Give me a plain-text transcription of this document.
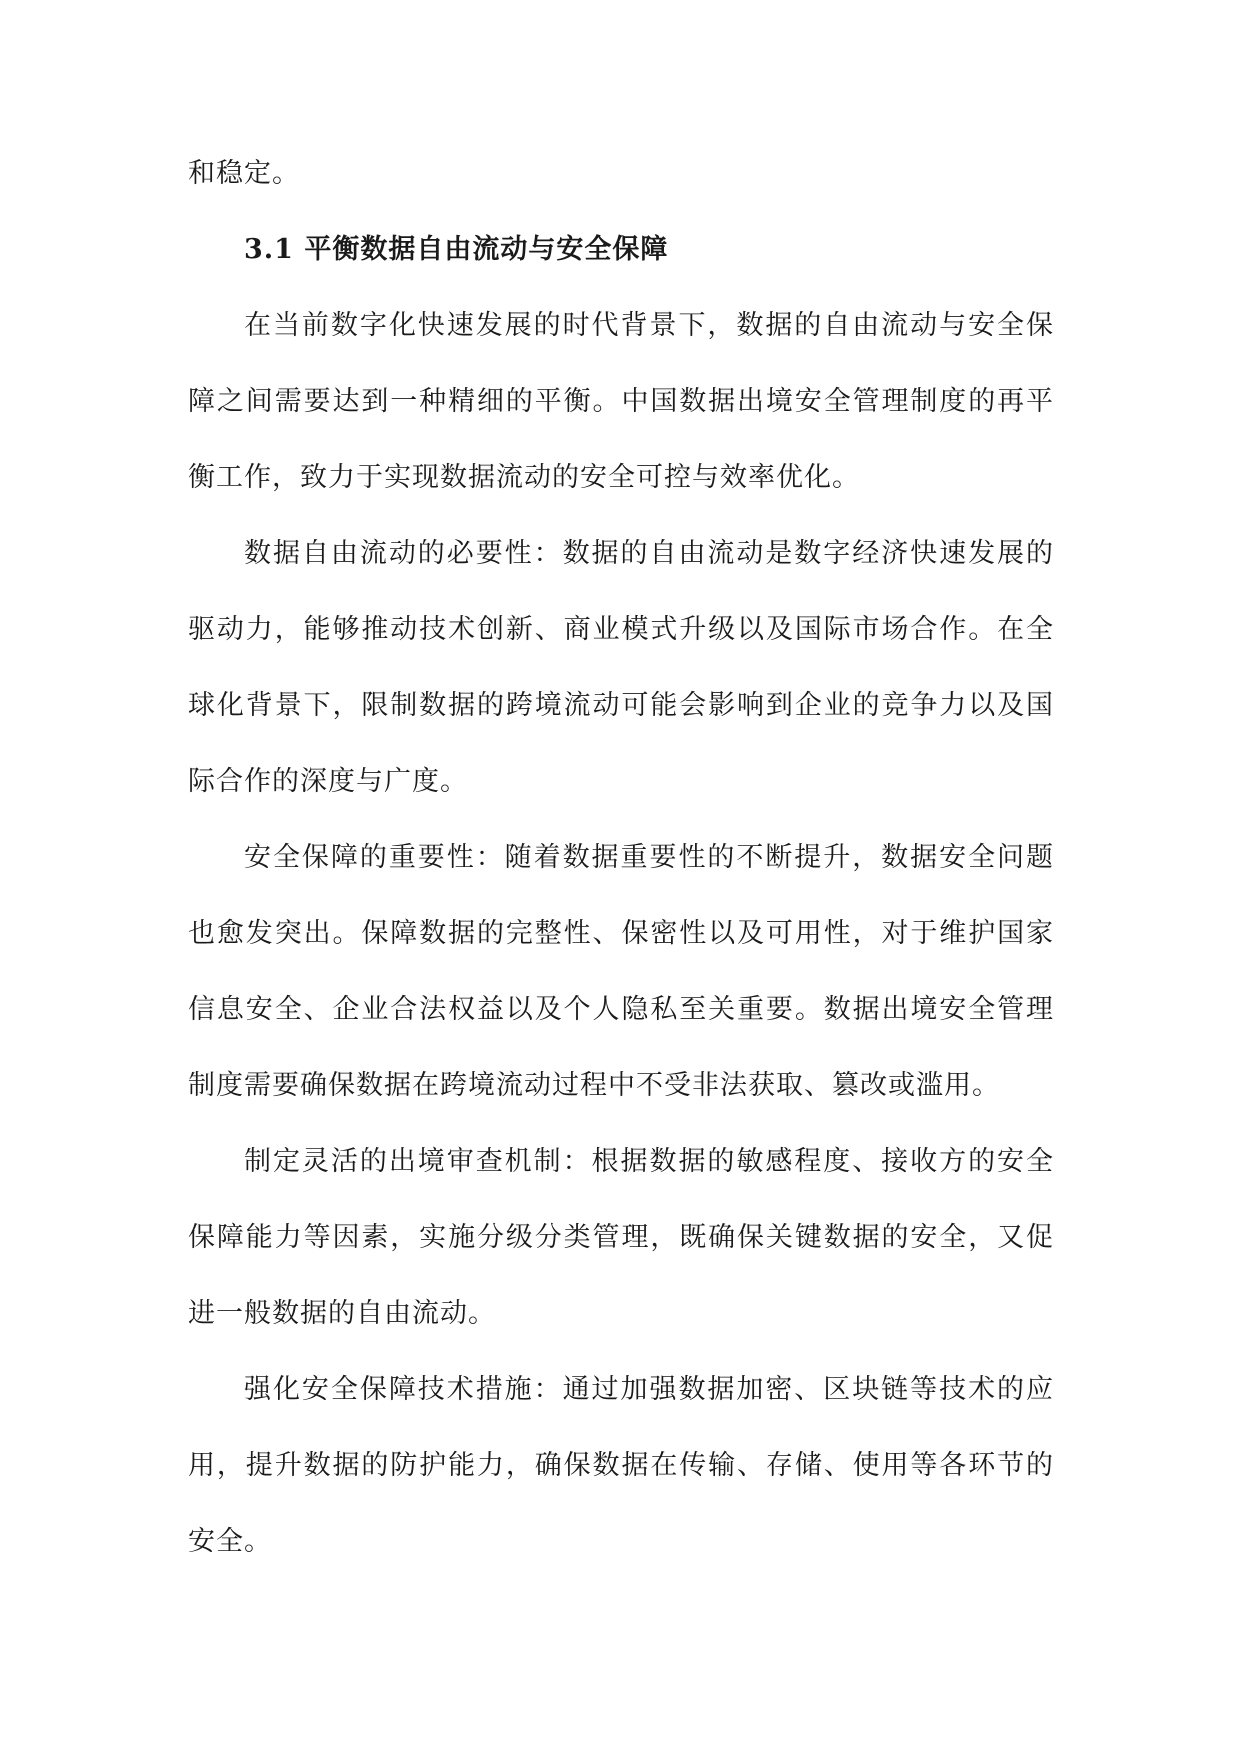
和稳定。

3.1 平衡数据自由流动与安全保障

在当前数字化快速发展的时代背景下，数据的自由流动与安全保障之间需要达到一种精细的平衡。中国数据出境安全管理制度的再平衡工作，致力于实现数据流动的安全可控与效率优化。

数据自由流动的必要性：数据的自由流动是数字经济快速发展的驱动力，能够推动技术创新、商业模式升级以及国际市场合作。在全球化背景下，限制数据的跨境流动可能会影响到企业的竞争力以及国际合作的深度与广度。

安全保障的重要性：随着数据重要性的不断提升，数据安全问题也愈发突出。保障数据的完整性、保密性以及可用性，对于维护国家信息安全、企业合法权益以及个人隐私至关重要。数据出境安全管理制度需要确保数据在跨境流动过程中不受非法获取、篡改或滥用。

制定灵活的出境审查机制：根据数据的敏感程度、接收方的安全保障能力等因素，实施分级分类管理，既确保关键数据的安全，又促进一般数据的自由流动。

强化安全保障技术措施：通过加强数据加密、区块链等技术的应用，提升数据的防护能力，确保数据在传输、存储、使用等各环节的安全。
